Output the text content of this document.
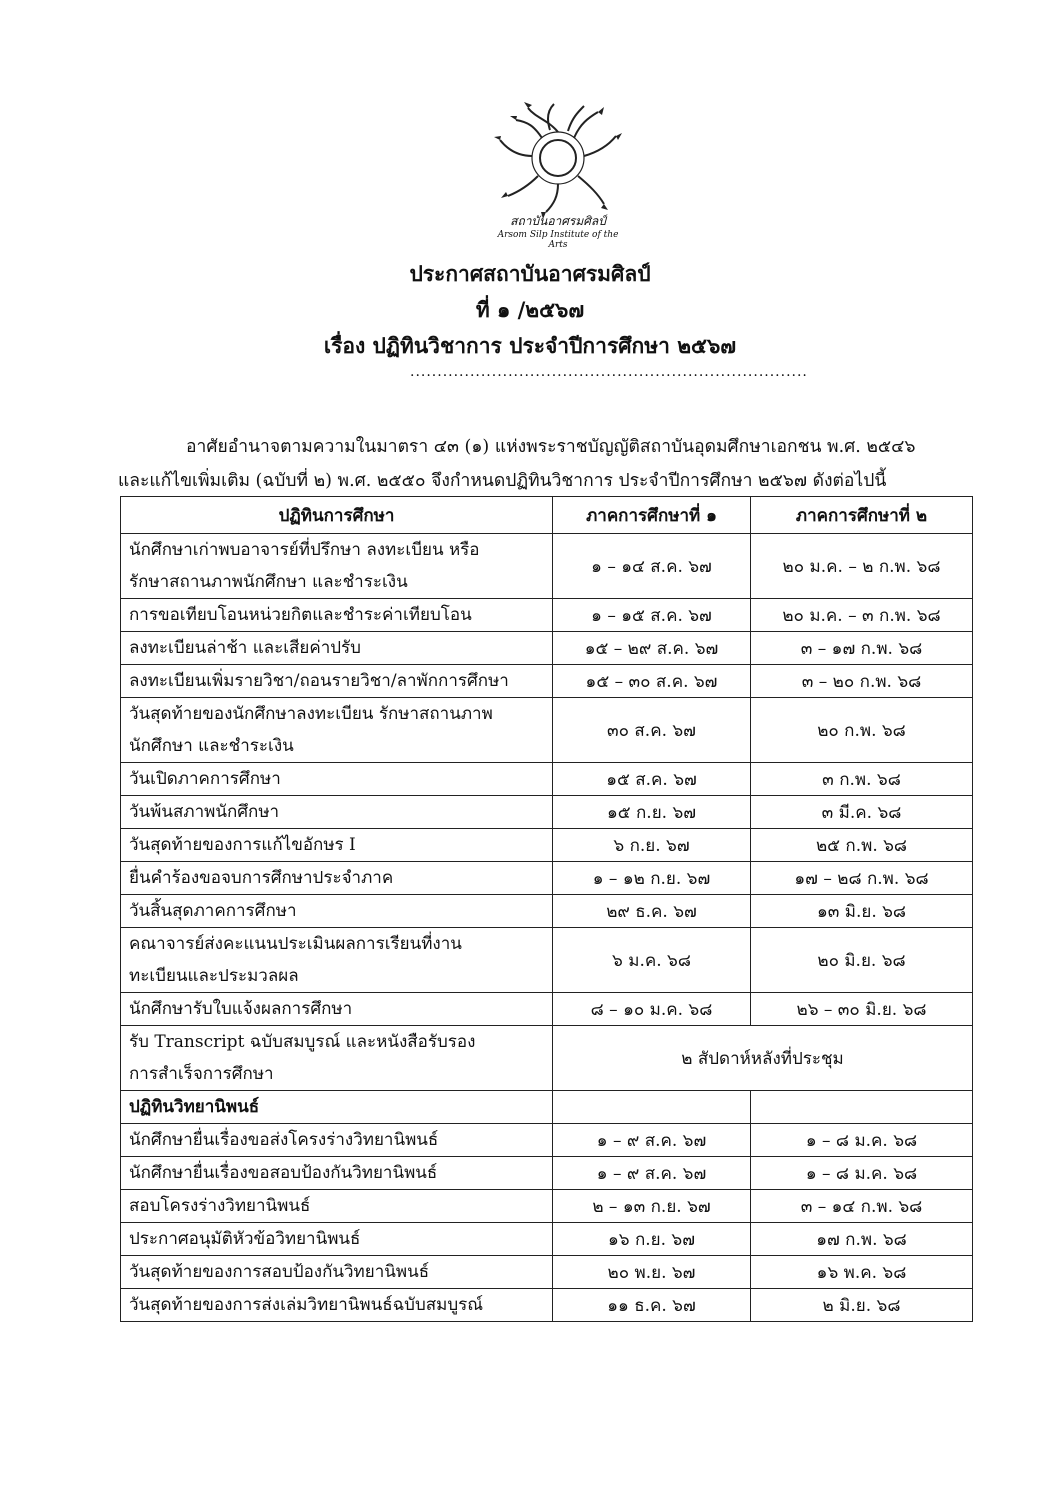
สถาบันอาศรมศิลป์
Arsom Silp Institute of the Arts
ประกาศสถาบันอาศรมศิลป์
ที่ ๑ /๒๕๖๗
เรื่อง ปฏิทินวิชาการ ประจำปีการศึกษา ๒๕๖๗
.........................................................................
อาศัยอำนาจตามความในมาตรา ๔๓ (๑) แห่งพระราชบัญญัติสถาบันอุดมศึกษาเอกชน พ.ศ. ๒๕๔๖
และแก้ไขเพิ่มเติม (ฉบับที่ ๒) พ.ศ. ๒๕๕๐ จึงกำหนดปฏิทินวิชาการ ประจำปีการศึกษา ๒๕๖๗ ดังต่อไปนี้
ปฏิทินการศึกษา	ภาคการศึกษาที่ ๑	ภาคการศึกษาที่ ๒

นักศึกษาเก่าพบอาจารย์ที่ปรึกษา ลงทะเบียน หรือ
รักษาสถานภาพนักศึกษา และชำระเงิน	๑ – ๑๔ ส.ค. ๖๗	๒๐ ม.ค. – ๒ ก.พ. ๖๘

การขอเทียบโอนหน่วยกิตและชำระค่าเทียบโอน	๑ – ๑๕ ส.ค. ๖๗	๒๐ ม.ค. – ๓ ก.พ. ๖๘

ลงทะเบียนล่าช้า และเสียค่าปรับ	๑๕ – ๒๙ ส.ค. ๖๗	๓ – ๑๗ ก.พ. ๖๘

ลงทะเบียนเพิ่มรายวิชา/ถอนรายวิชา/ลาพักการศึกษา	๑๕ – ๓๐ ส.ค. ๖๗	๓ – ๒๐ ก.พ. ๖๘

วันสุดท้ายของนักศึกษาลงทะเบียน รักษาสถานภาพ
นักศึกษา และชำระเงิน	๓๐ ส.ค. ๖๗	๒๐ ก.พ. ๖๘

วันเปิดภาคการศึกษา	๑๕ ส.ค. ๖๗	๓ ก.พ. ๖๘

วันพ้นสภาพนักศึกษา	๑๕ ก.ย. ๖๗	๓ มี.ค. ๖๘

วันสุดท้ายของการแก้ไขอักษร I	๖ ก.ย. ๖๗	๒๕ ก.พ. ๖๘

ยื่นคำร้องขอจบการศึกษาประจำภาค	๑ – ๑๒ ก.ย. ๖๗	๑๗ – ๒๘ ก.พ. ๖๘

วันสิ้นสุดภาคการศึกษา	๒๙ ธ.ค. ๖๗	๑๓ มิ.ย. ๖๘

คณาจารย์ส่งคะแนนประเมินผลการเรียนที่งาน
ทะเบียนและประมวลผล	๖ ม.ค. ๖๘	๒๐ มิ.ย. ๖๘

นักศึกษารับใบแจ้งผลการศึกษา	๘ – ๑๐ ม.ค. ๖๘	๒๖ – ๓๐ มิ.ย. ๖๘

รับ Transcript ฉบับสมบูรณ์ และหนังสือรับรอง
การสำเร็จการศึกษา	๒ สัปดาห์หลังที่ประชุม	
ปฏิทินวิทยานิพนธ์		

นักศึกษายื่นเรื่องขอส่งโครงร่างวิทยานิพนธ์	๑ – ๙ ส.ค. ๖๗	๑ – ๘ ม.ค. ๖๘

นักศึกษายื่นเรื่องขอสอบป้องกันวิทยานิพนธ์	๑ – ๙ ส.ค. ๖๗	๑ – ๘ ม.ค. ๖๘

สอบโครงร่างวิทยานิพนธ์	๒ – ๑๓ ก.ย. ๖๗	๓ – ๑๔ ก.พ. ๖๘

ประกาศอนุมัติหัวข้อวิทยานิพนธ์	๑๖ ก.ย. ๖๗	๑๗ ก.พ. ๖๘

วันสุดท้ายของการสอบป้องกันวิทยานิพนธ์	๒๐ พ.ย. ๖๗	๑๖ พ.ค. ๖๘

วันสุดท้ายของการส่งเล่มวิทยานิพนธ์ฉบับสมบูรณ์	๑๑ ธ.ค. ๖๗	๒ มิ.ย. ๖๘
